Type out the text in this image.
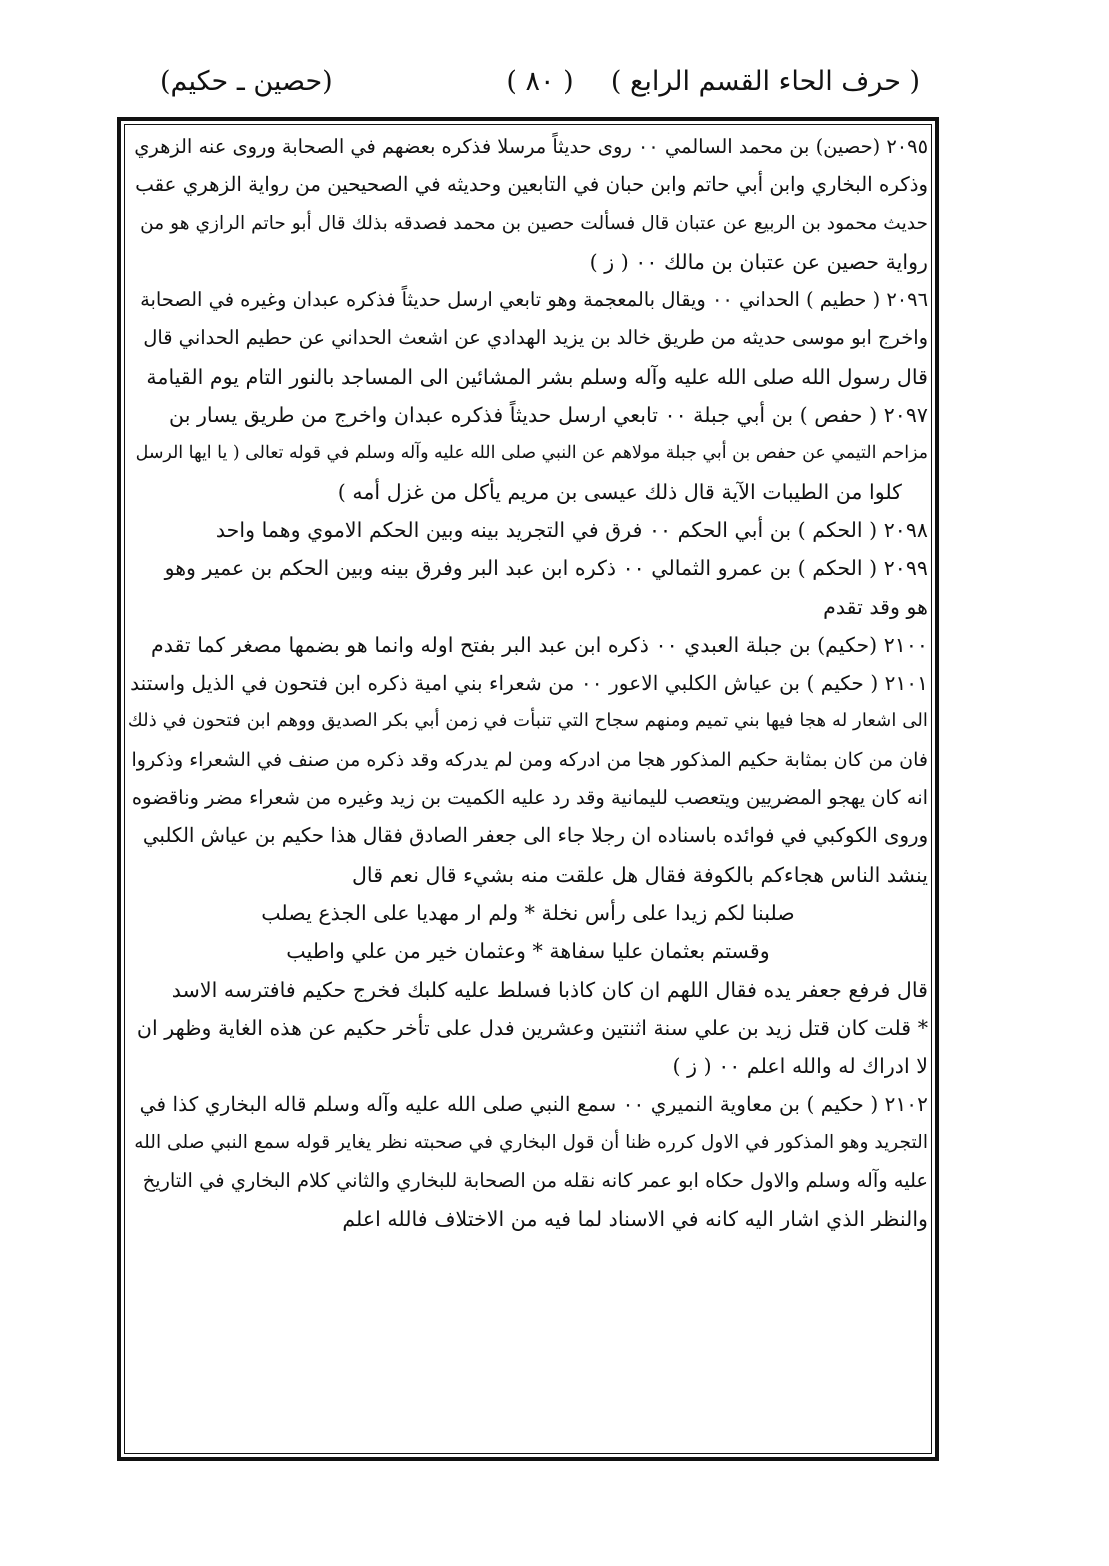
( حرف الحاء القسم الرابع )
( ٨٠ )
(حصين ـ حكيم)
٢٠٩٥ (حصين) بن محمد السالمي ٠٠ روى حديثاً مرسلا فذكره بعضهم في الصحابة وروى عنه الزهري
وذكره البخاري وابن أبي حاتم وابن حبان في التابعين وحديثه في الصحيحين من رواية الزهري عقب
حديث محمود بن الربيع عن عتبان قال فسألت حصين بن محمد فصدقه بذلك قال أبو حاتم الرازي هو من
رواية حصين عن عتبان بن مالك ٠٠ ( ز )
٢٠٩٦ ( حطيم ) الحداني ٠٠ ويقال بالمعجمة وهو تابعي ارسل حديثاً فذكره عبدان وغيره في الصحابة
واخرج ابو موسى حديثه من طريق خالد بن يزيد الهدادي عن اشعث الحداني عن حطيم الحداني قال
قال رسول الله صلى الله عليه وآله وسلم بشر المشائين الى المساجد بالنور التام يوم القيامة
٢٠٩٧ ( حفص ) بن أبي جبلة ٠٠ تابعي ارسل حديثاً فذكره عبدان واخرج من طريق يسار بن
مزاحم التيمي عن حفص بن أبي جبلة مولاهم عن النبي صلى الله عليه وآله وسلم في قوله تعالى ( يا ايها الرسل
كلوا من الطيبات الآية قال ذلك عيسى بن مريم يأكل من غزل أمه )
٢٠٩٨ ( الحكم ) بن أبي الحكم ٠٠ فرق في التجريد بينه وبين الحكم الاموي وهما واحد
٢٠٩٩ ( الحكم ) بن عمرو الثمالي ٠٠ ذكره ابن عبد البر وفرق بينه وبين الحكم بن عمير وهو
هو وقد تقدم
٢١٠٠ (حكيم) بن جبلة العبدي ٠٠ ذكره ابن عبد البر بفتح اوله وانما هو بضمها مصغر كما تقدم
٢١٠١ ( حكيم ) بن عياش الكلبي الاعور ٠٠ من شعراء بني امية ذكره ابن فتحون في الذيل واستند
الى اشعار له هجا فيها بني تميم ومنهم سجاح التي تنبأت في زمن أبي بكر الصديق ووهم ابن فتحون في ذلك
فان من كان بمثابة حكيم المذكور هجا من ادركه ومن لم يدركه وقد ذكره من صنف في الشعراء وذكروا
انه كان يهجو المضريين ويتعصب لليمانية وقد رد عليه الكميت بن زيد وغيره من شعراء مضر وناقضوه
وروى الكوكبي في فوائده باسناده ان رجلا جاء الى جعفر الصادق فقال هذا حكيم بن عياش الكلبي
ينشد الناس هجاءكم بالكوفة فقال هل علقت منه بشيء قال نعم قال
صلبنا لكم زيدا على رأس نخلة * ولم ار مهديا على الجذع يصلب
وقستم بعثمان عليا سفاهة * وعثمان خير من علي واطيب
قال فرفع جعفر يده فقال اللهم ان كان كاذبا فسلط عليه كلبك فخرج حكيم فافترسه الاسد
* قلت كان قتل زيد بن علي سنة اثنتين وعشرين فدل على تأخر حكيم عن هذه الغاية وظهر ان
لا ادراك له والله اعلم ٠٠ ( ز )
٢١٠٢ ( حكيم ) بن معاوية النميري ٠٠ سمع النبي صلى الله عليه وآله وسلم قاله البخاري كذا في
التجريد وهو المذكور في الاول كرره ظنا أن قول البخاري في صحبته نظر يغاير قوله سمع النبي صلى الله
عليه وآله وسلم والاول حكاه ابو عمر كانه نقله من الصحابة للبخاري والثاني كلام البخاري في التاريخ
والنظر الذي اشار اليه كانه في الاسناد لما فيه من الاختلاف فالله اعلم
